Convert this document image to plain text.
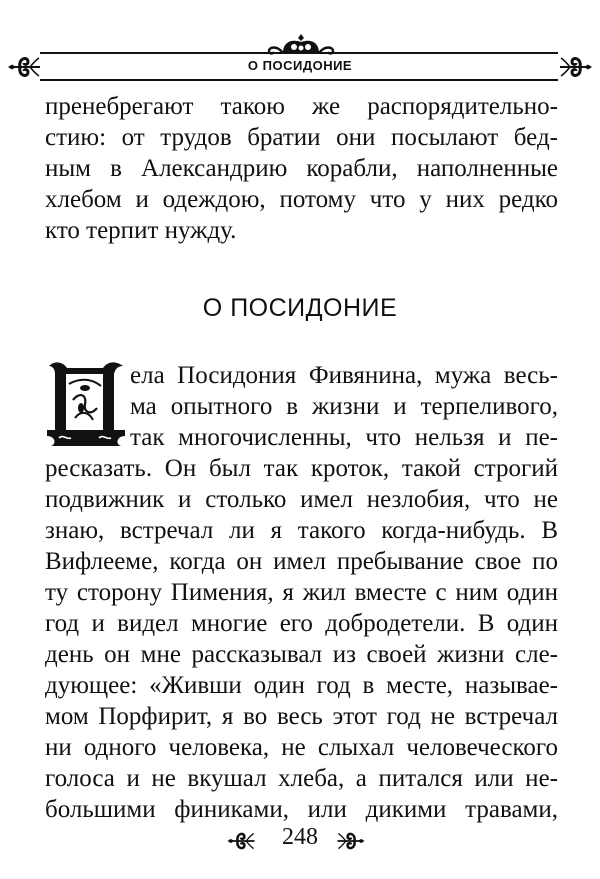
О ПОСИДОНИЕ
пренебрегают такою же распорядительно-
стию: от трудов братии они посылают бед-
ным в Александрию корабли, наполненные
хлебом и одеждою, потому что у них редко
кто терпит нужду.
О ПОСИДОНИЕ
Д
ела Посидония Фивянина, мужа весь-
ма опытного в жизни и терпеливого,
так многочисленны, что нельзя и пе-
ресказать. Он был так кроток, такой строгий
подвижник и столько имел незлобия, что не
знаю, встречал ли я такого когда-нибудь. В
Вифлееме, когда он имел пребывание свое по
ту сторону Пимения, я жил вместе с ним один
год и видел многие его добродетели. В один
день он мне рассказывал из своей жизни сле-
дующее: «Живши один год в месте, называе-
мом Порфирит, я во весь этот год не встречал
ни одного человека, не слыхал человеческого
голоса и не вкушал хлеба, а питался или не-
большими финиками, или дикими травами,
248
